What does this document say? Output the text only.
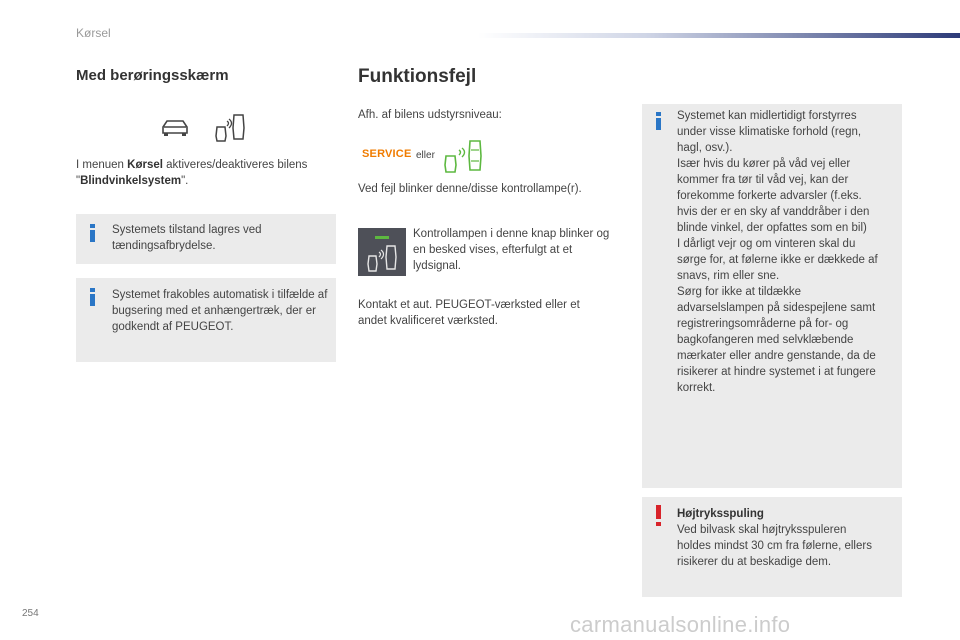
Kørsel
Med berøringsskærm
I menuen Kørsel aktiveres/deaktiveres bilens "Blindvinkelsystem".
Systemets tilstand lagres ved tændingsafbrydelse.
Systemet frakobles automatisk i tilfælde af bugsering med et anhængertræk, der er godkendt af PEUGEOT.
Funktionsfejl
Afh. af bilens udstyrsniveau:
SERVICE eller
Ved fejl blinker denne/disse kontrollampe(r).
Kontrollampen i denne knap blinker og en besked vises, efterfulgt at et lydsignal.
Kontakt et aut. PEUGEOT-værksted eller et andet kvalificeret værksted.
Systemet kan midlertidigt forstyrres
under visse klimatiske forhold (regn,
hagl, osv.).
Især hvis du kører på våd vej eller
kommer fra tør til våd vej, kan der
forekomme forkerte advarsler (f.eks.
hvis der er en sky af vanddråber i den
blinde vinkel, der opfattes som en bil)
I dårligt vejr og om vinteren skal du
sørge for, at følerne ikke er dækkede af
snavs, rim eller sne.
Sørg for ikke at tildække
advarselslampen på sidespejlene samt
registreringsområderne på for- og
bagkofangeren med selvklæbende
mærkater eller andre genstande, da de
risikerer at hindre systemet i at fungere
korrekt.
Højtryksspuling
Ved bilvask skal højtryksspuleren
holdes mindst 30 cm fra følerne, ellers
risikerer du at beskadige dem.
254	carmanualsonline.info
